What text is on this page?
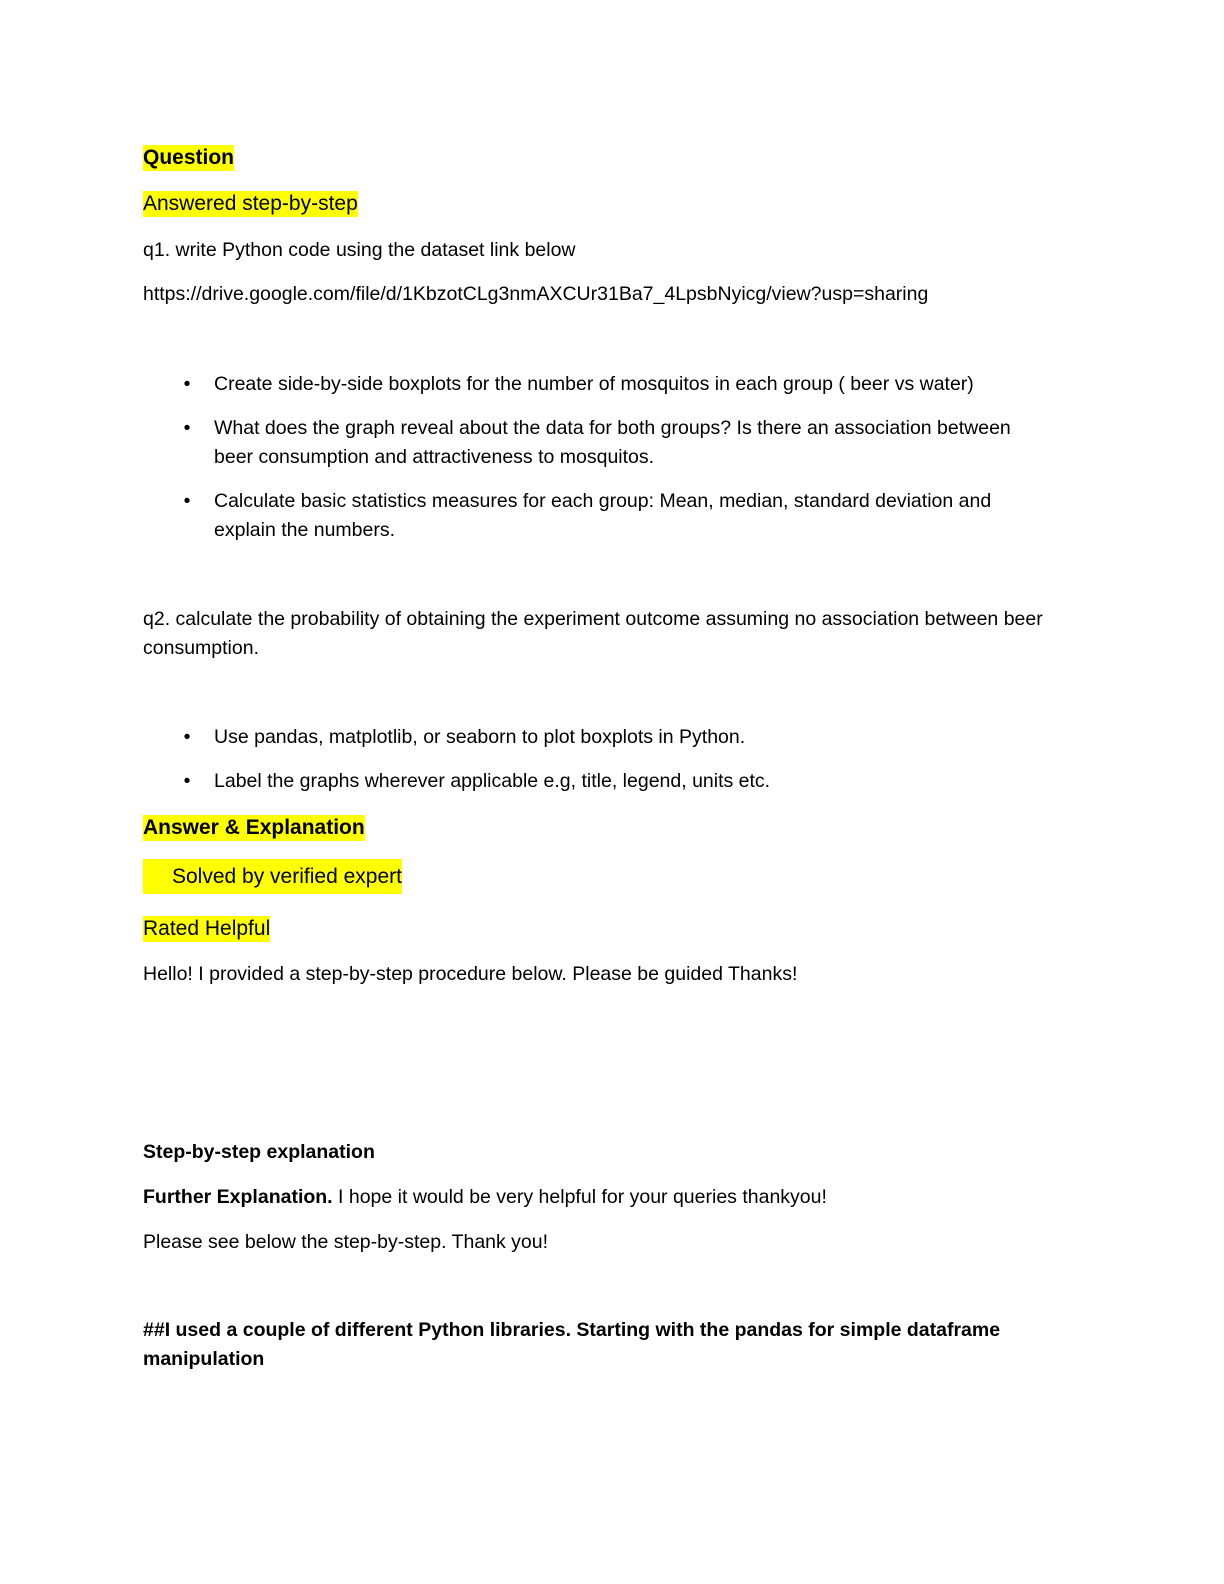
Question
Answered step-by-step
q1. write Python code using the dataset link below
https://drive.google.com/file/d/1KbzotCLg3nmAXCUr31Ba7_4LpsbNyicg/view?usp=sharing
• Create side-by-side boxplots for the number of mosquitos in each group ( beer vs water)
• What does the graph reveal about the data for both groups? Is there an association between beer consumption and attractiveness to mosquitos.
• Calculate basic statistics measures for each group: Mean, median, standard deviation and explain the numbers.
q2. calculate the probability of obtaining the experiment outcome assuming no association between beer consumption.
• Use pandas, matplotlib, or seaborn to plot boxplots in Python.
• Label the graphs wherever applicable e.g, title, legend, units etc.
Answer & Explanation
Solved by verified expert
Rated Helpful
Hello! I provided a step-by-step procedure below. Please be guided Thanks!
Step-by-step explanation
Further Explanation. I hope it would be very helpful for your queries thankyou!
Please see below the step-by-step. Thank you!
##I used a couple of different Python libraries. Starting with the pandas for simple dataframe manipulation
